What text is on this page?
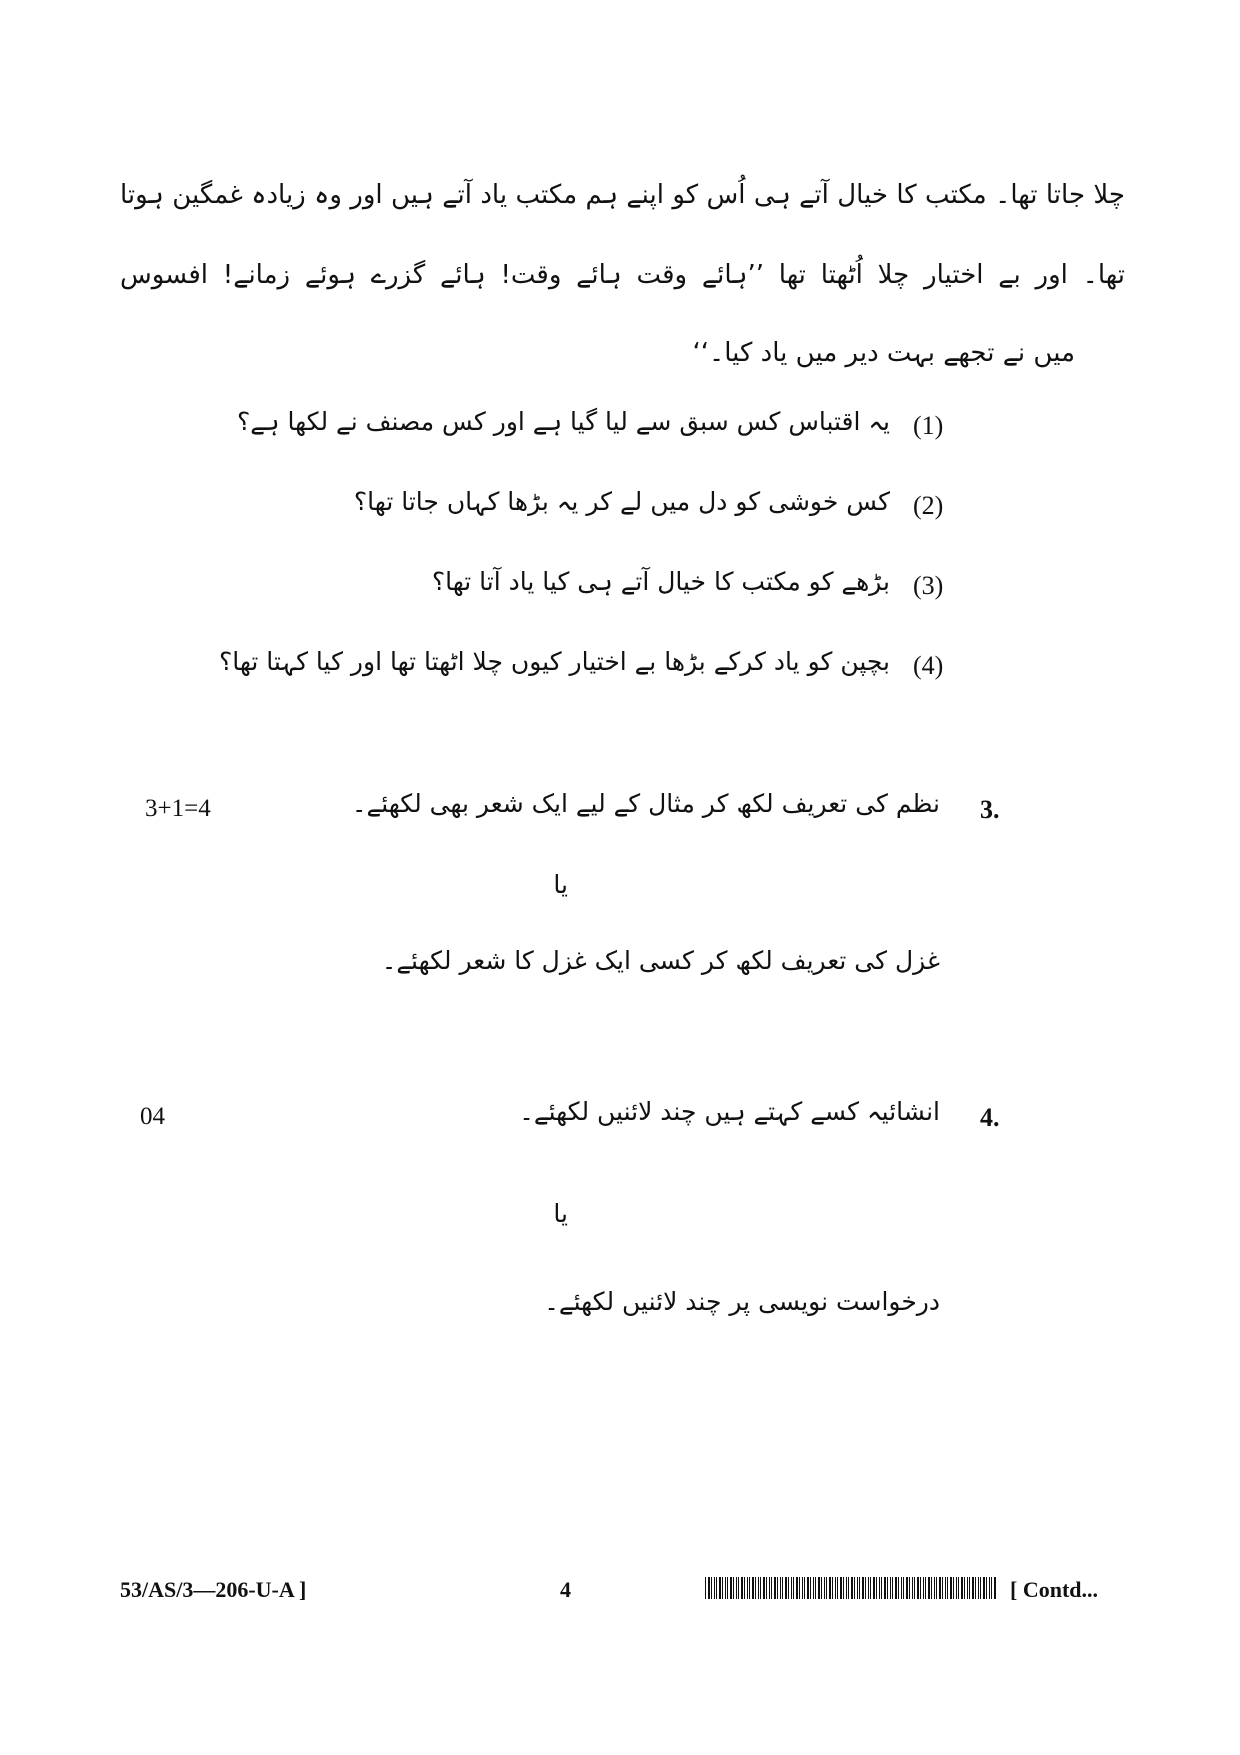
چلا جاتا تھا۔ مکتب کا خیال آتے ہی اُس کو اپنے ہم مکتب یاد آتے ہیں اور وہ زیادہ غمگین ہوتا
تھا۔ اور بے اختیار چلا اُٹھتا تھا ’’ہائے وقت ہائے وقت! ہائے گزرے ہوئے زمانے! افسوس
میں نے تجھے بہت دیر میں یاد کیا۔‘‘
(1)
یہ اقتباس کس سبق سے لیا گیا ہے اور کس مصنف نے لکھا ہے؟
(2)
کس خوشی کو دل میں لے کر یہ بڑھا کہاں جاتا تھا؟
(3)
بڑھے کو مکتب کا خیال آتے ہی کیا یاد آتا تھا؟
(4)
بچپن کو یاد کرکے بڑھا بے اختیار کیوں چلا اٹھتا تھا اور کیا کہتا تھا؟
3+1=4	3.
نظم کی تعریف لکھ کر مثال کے لیے ایک شعر بھی لکھئے۔
یا
غزل کی تعریف لکھ کر کسی ایک غزل کا شعر لکھئے۔
04	4.
انشائیہ کسے کہتے ہیں چند لائنیں لکھئے۔
یا
درخواست نویسی پر چند لائنیں لکھئے۔
53/AS/3—206-U-A ]	4	[ Contd...
